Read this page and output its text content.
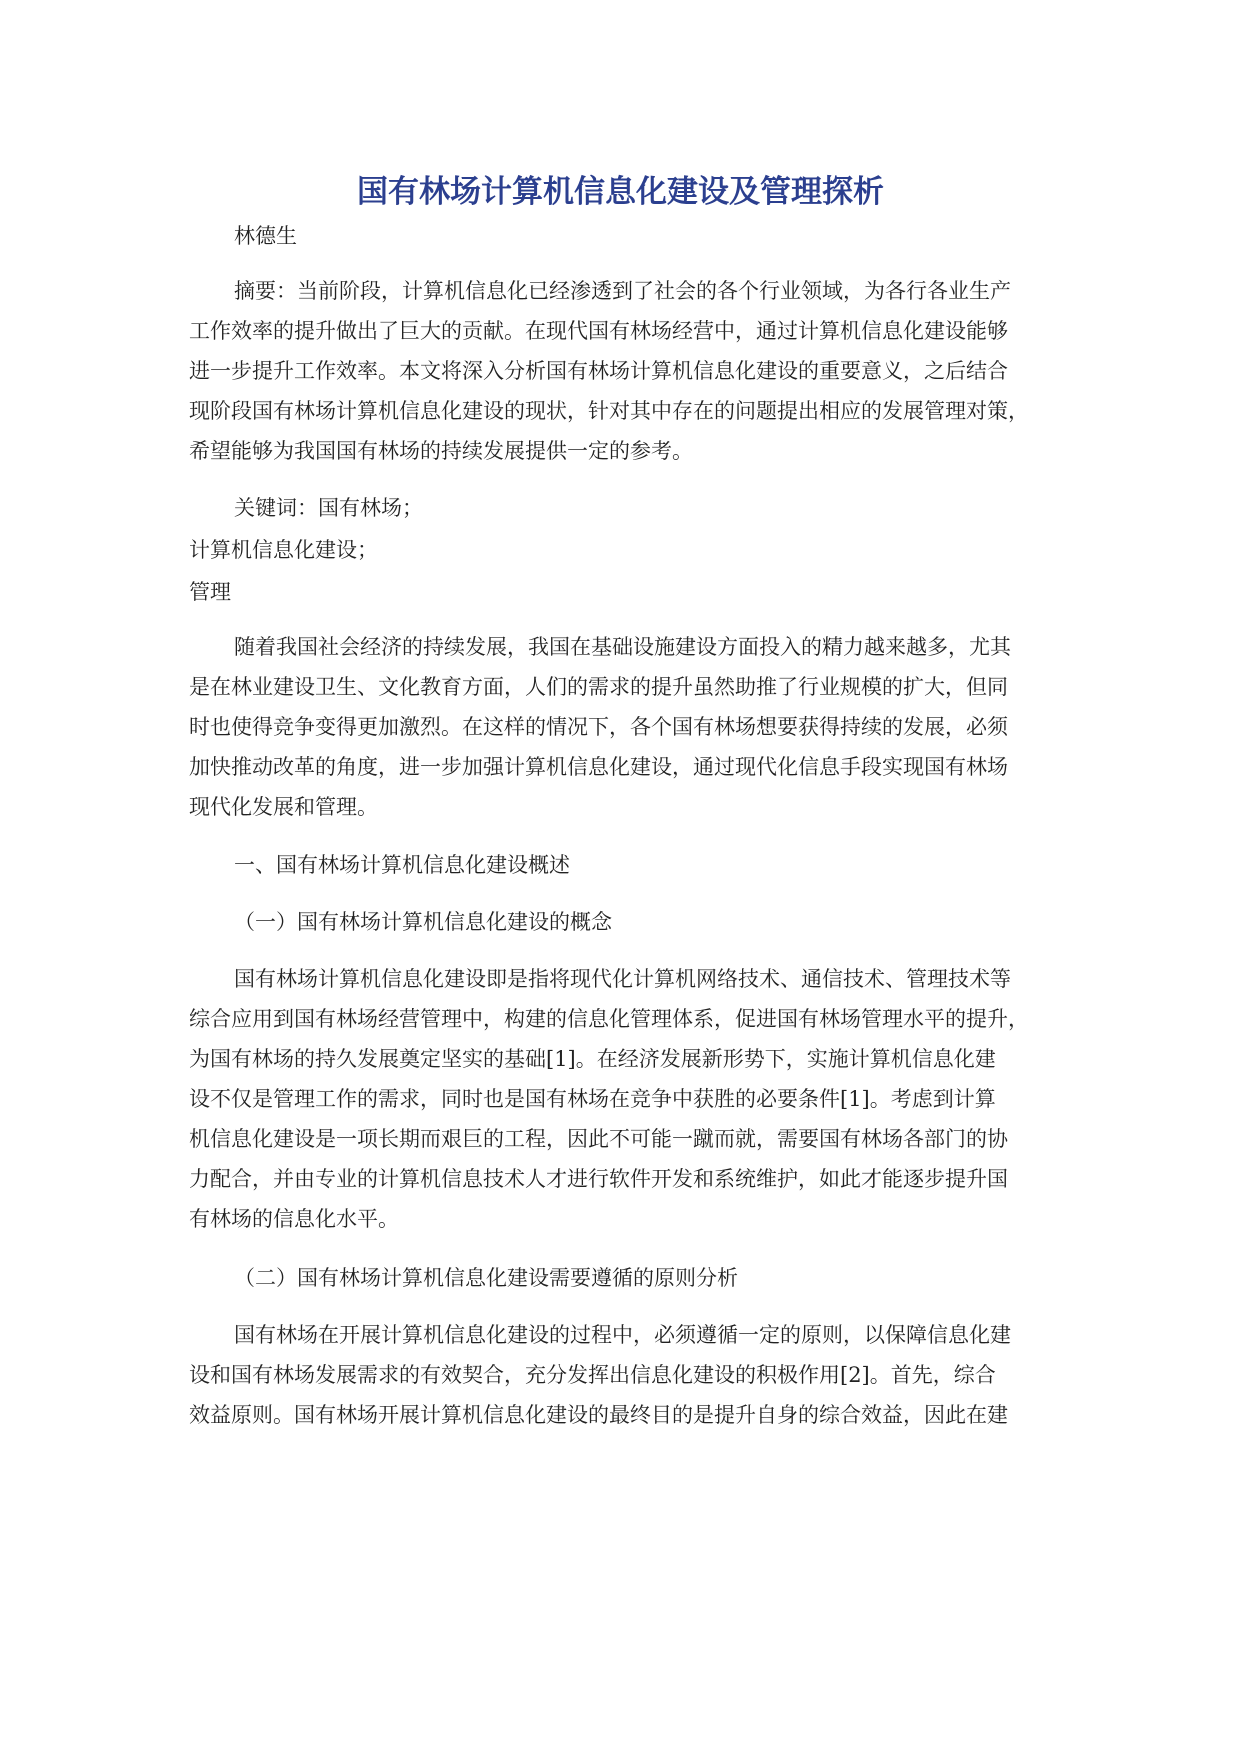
国有林场计算机信息化建设及管理探析

林德生

摘要：当前阶段，计算机信息化已经渗透到了社会的各个行业领域，为各行各业生产

工作效率的提升做出了巨大的贡献。在现代国有林场经营中，通过计算机信息化建设能够

进一步提升工作效率。本文将深入分析国有林场计算机信息化建设的重要意义，之后结合

现阶段国有林场计算机信息化建设的现状，针对其中存在的问题提出相应的发展管理对策，

希望能够为我国国有林场的持续发展提供一定的参考。

关键词：国有林场；

计算机信息化建设；

管理

随着我国社会经济的持续发展，我国在基础设施建设方面投入的精力越来越多，尤其

是在林业建设卫生、文化教育方面，人们的需求的提升虽然助推了行业规模的扩大，但同

时也使得竞争变得更加激烈。在这样的情况下，各个国有林场想要获得持续的发展，必须

加快推动改革的角度，进一步加强计算机信息化建设，通过现代化信息手段实现国有林场

现代化发展和管理。

一、国有林场计算机信息化建设概述

（一）国有林场计算机信息化建设的概念

国有林场计算机信息化建设即是指将现代化计算机网络技术、通信技术、管理技术等

综合应用到国有林场经营管理中，构建的信息化管理体系，促进国有林场管理水平的提升，

为国有林场的持久发展奠定坚实的基础[1]。在经济发展新形势下，实施计算机信息化建

设不仅是管理工作的需求，同时也是国有林场在竞争中获胜的必要条件[1]。考虑到计算

机信息化建设是一项长期而艰巨的工程，因此不可能一蹴而就，需要国有林场各部门的协

力配合，并由专业的计算机信息技术人才进行软件开发和系统维护，如此才能逐步提升国

有林场的信息化水平。

（二）国有林场计算机信息化建设需要遵循的原则分析

国有林场在开展计算机信息化建设的过程中，必须遵循一定的原则，以保障信息化建

设和国有林场发展需求的有效契合，充分发挥出信息化建设的积极作用[2]。首先，综合

效益原则。国有林场开展计算机信息化建设的最终目的是提升自身的综合效益，因此在建
